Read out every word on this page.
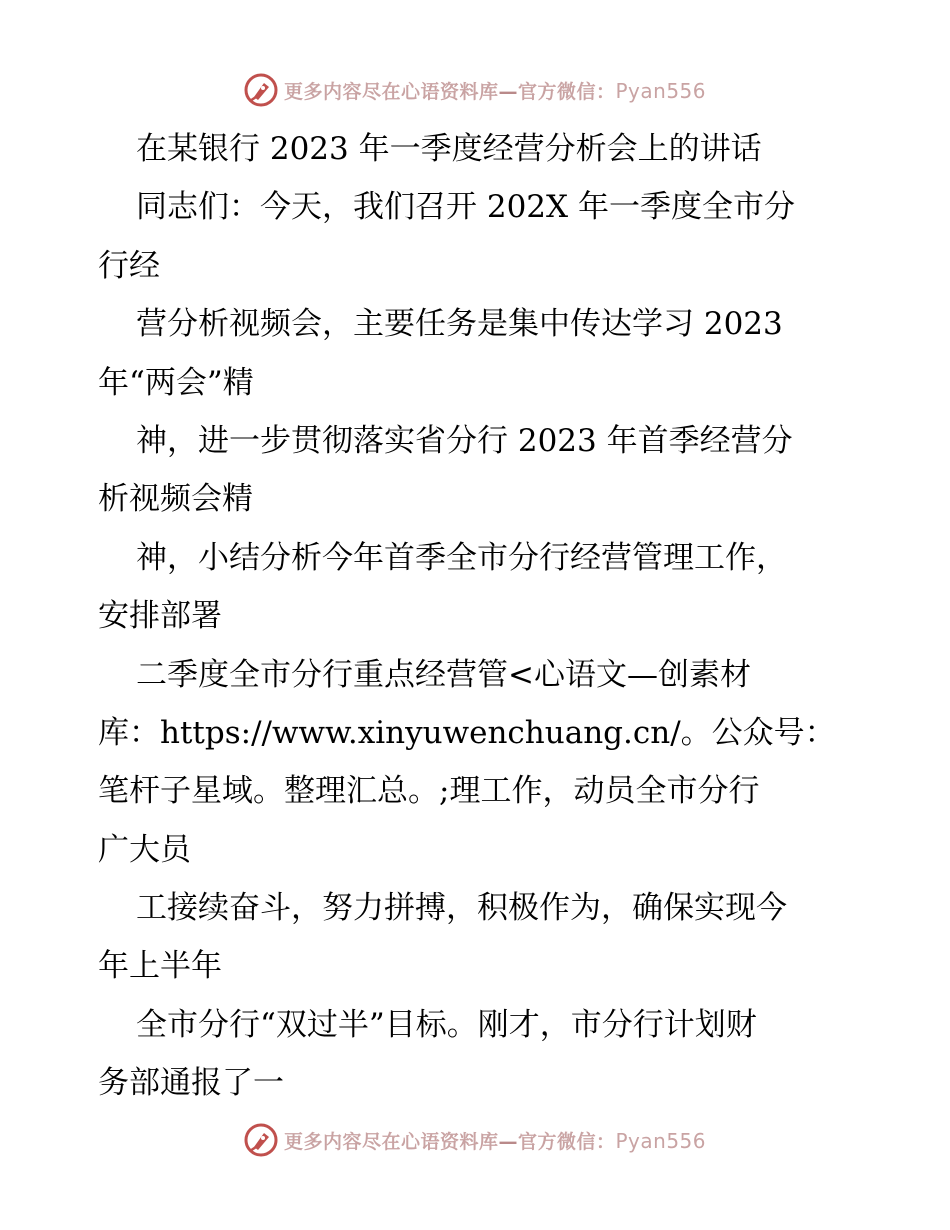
更多内容尽在心语资料库—官方微信：Pyan556
在某银行 2023 年一季度经营分析会上的讲话
同志们：今天，我们召开 202X 年一季度全市分
行经
营分析视频会，主要任务是集中传达学习 2023
年“两会”精
神，进一步贯彻落实省分行 2023 年首季经营分
析视频会精
神，小结分析今年首季全市分行经营管理工作，
安排部署
二季度全市分行重点经营管<心语文—创素材
库：https://www.xinyuwenchuang.cn/。公众号：
笔杆子星域。整理汇总。;理工作，动员全市分行
广大员
工接续奋斗，努力拼搏，积极作为，确保实现今
年上半年
全市分行“双过半”目标。刚才，市分行计划财
务部通报了一
更多内容尽在心语资料库—官方微信：Pyan556
